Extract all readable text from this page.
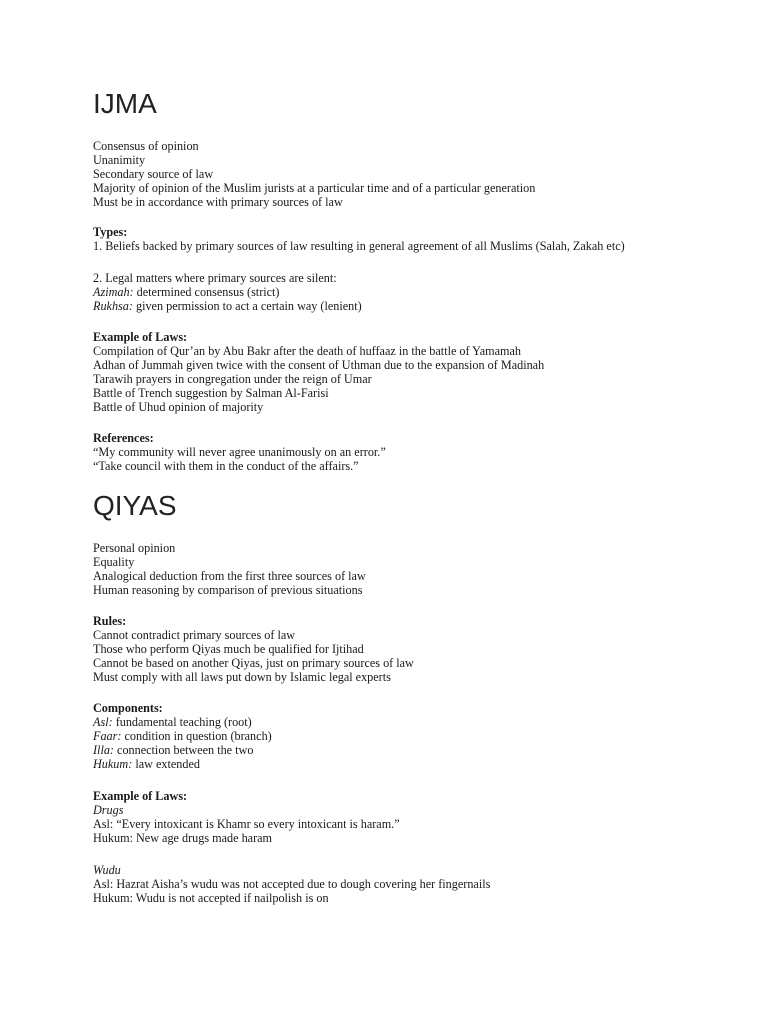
IJMA
Consensus of opinion
Unanimity
Secondary source of law
Majority of opinion of the Muslim jurists at a particular time and of a particular generation
Must be in accordance with primary sources of law
Types:
1. Beliefs backed by primary sources of law resulting in general agreement of all Muslims (Salah, Zakah etc)
2. Legal matters where primary sources are silent:
Azimah: determined consensus (strict)
Rukhsa: given permission to act a certain way (lenient)
Example of Laws:
Compilation of Qur’an by Abu Bakr after the death of huffaaz in the battle of Yamamah
Adhan of Jummah given twice with the consent of Uthman due to the expansion of Madinah
Tarawih prayers in congregation under the reign of Umar
Battle of Trench suggestion by Salman Al-Farisi
Battle of Uhud opinion of majority
References:
“My community will never agree unanimously on an error.”
“Take council with them in the conduct of the affairs.”
QIYAS
Personal opinion
Equality
Analogical deduction from the first three sources of law
Human reasoning by comparison of previous situations
Rules:
Cannot contradict primary sources of law
Those who perform Qiyas much be qualified for Ijtihad
Cannot be based on another Qiyas, just on primary sources of law
Must comply with all laws put down by Islamic legal experts
Components:
Asl: fundamental teaching (root)
Faar: condition in question (branch)
Illa: connection between the two
Hukum: law extended
Example of Laws:
Drugs
Asl: “Every intoxicant is Khamr so every intoxicant is haram.”
Hukum: New age drugs made haram
Wudu
Asl: Hazrat Aisha’s wudu was not accepted due to dough covering her fingernails
Hukum: Wudu is not accepted if nailpolish is on
